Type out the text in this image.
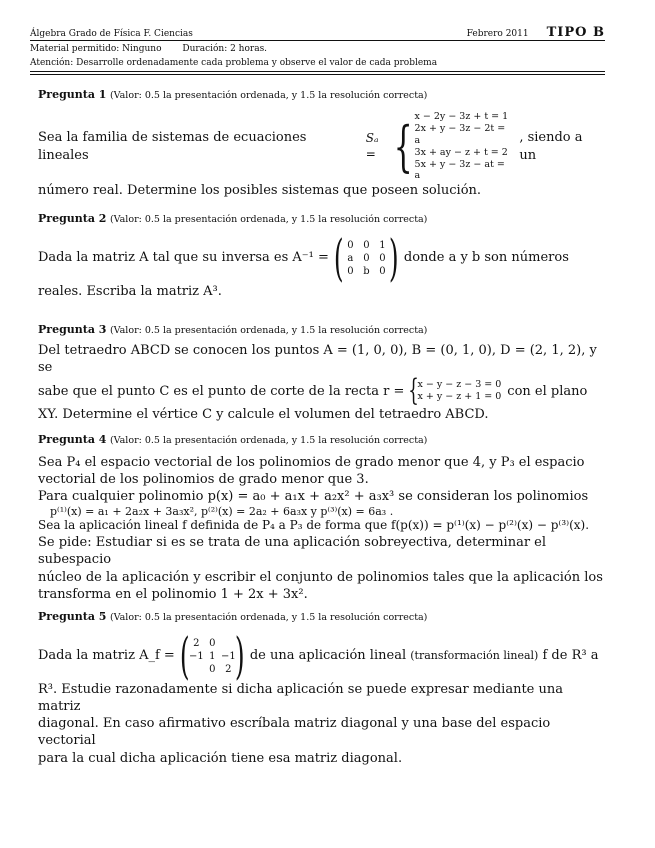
Álgebra Grado de Física F. Ciencias	Febrero 2011 TIPO B
Material permitido: Ninguno Duración: 2 horas.
Atención: Desarrolle ordenadamente cada problema y observe el valor de cada problema
Pregunta 1 (Valor: 0.5 la presentación ordenada, y 1.5 la resolución correcta)
Sea la familia de sistemas de ecuaciones lineales
Sₐ = { x − 2y − 3z + t = 1
2x + y − 3z − 2t = a
3x + ay − z + t = 2
5x + y − 3z − at = a
, siendo a un
número real. Determine los posibles sistemas que poseen solución.
Pregunta 2 (Valor: 0.5 la presentación ordenada, y 1.5 la resolución correcta)
Dada la matriz A tal que su inversa es A⁻¹ = ( 0 0 1
a 0 0
0 b 0 ) donde a y b son números
reales. Escriba la matriz A³.
Pregunta 3 (Valor: 0.5 la presentación ordenada, y 1.5 la resolución correcta)
Del tetraedro ABCD se conocen los puntos A = (1, 0, 0), B = (0, 1, 0), D = (2, 1, 2), y se
sabe que el punto C es el punto de corte de la recta r = {
x − y − z − 3 = 0
x + y − z + 1 = 0 con el plano
XY. Determine el vértice C y calcule el volumen del tetraedro ABCD.
Pregunta 4 (Valor: 0.5 la presentación ordenada, y 1.5 la resolución correcta)
Sea P₄ el espacio vectorial de los polinomios de grado menor que 4, y P₃ el espacio
vectorial de los polinomios de grado menor que 3.
Para cualquier polinomio p(x) = a₀ + a₁x + a₂x² + a₃x³ se consideran los polinomios
p⁽¹⁾(x) = a₁ + 2a₂x + 3a₃x², p⁽²⁾(x) = 2a₂ + 6a₃x y p⁽³⁾(x) = 6a₃ .
Sea la aplicación lineal f definida de P₄ a P₃ de forma que f(p(x)) = p⁽¹⁾(x) − p⁽²⁾(x) − p⁽³⁾(x).
Se pide: Estudiar si es se trata de una aplicación sobreyectiva, determinar el subespacio
núcleo de la aplicación y escribir el conjunto de polinomios tales que la aplicación los
transforma en el polinomio 1 + 2x + 3x².
Pregunta 5 (Valor: 0.5 la presentación ordenada, y 1.5 la resolución correcta)
Dada la matriz A_f = ( 2 0
−1 1 −1
0 2 ) de una aplicación lineal (transformación lineal) f de R³ a
R³. Estudie razonadamente si dicha aplicación se puede expresar mediante una matriz
diagonal. En caso afirmativo escríbala matriz diagonal y una base del espacio vectorial
para la cual dicha aplicación tiene esa matriz diagonal.
